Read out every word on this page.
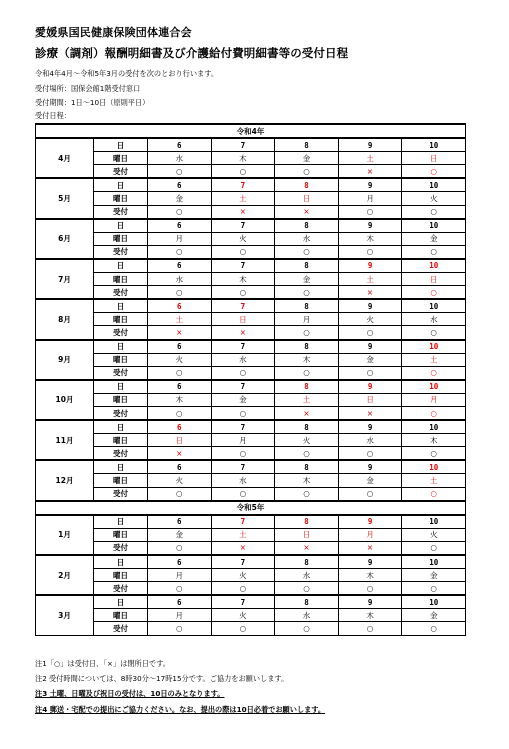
愛媛県国民健康保険団体連合会
診療（調剤）報酬明細書及び介護給付費明細書等の受付日程
令和4年4月～令和5年3月の受付を次のとおり行います。
受付場所：国保会館1階受付窓口
受付期間：1日～10日（原則平日）
受付日程：
令和4年						
4月	日	6	7	8	9	10
	曜日	水	木	金	土	日
	受付	○	○	○	×	○
5月	日	6	7	8	9	10
	曜日	金	土	日	月	火
	受付	○	×	×	○	○
6月	日	6	7	8	9	10
	曜日	月	火	水	木	金
	受付	○	○	○	○	○
7月	日	6	7	8	9	10
	曜日	水	木	金	土	日
	受付	○	○	○	×	○
8月	日	6	7	8	9	10
	曜日	土	日	月	火	水
	受付	×	×	○	○	○
9月	日	6	7	8	9	10
	曜日	火	水	木	金	土
	受付	○	○	○	○	○
10月	日	6	7	8	9	10
	曜日	木	金	土	日	月
	受付	○	○	×	×	○
11月	日	6	7	8	9	10
	曜日	日	月	火	水	木
	受付	×	○	○	○	○
12月	日	6	7	8	9	10
	曜日	火	水	木	金	土
	受付	○	○	○	○	○
令和5年						
1月	日	6	7	8	9	10
	曜日	金	土	日	月	火
	受付	○	×	×	×	○
2月	日	6	7	8	9	10
	曜日	月	火	水	木	金
	受付	○	○	○	○	○
3月	日	6	7	8	9	10
	曜日	月	火	水	木	金
	受付	○	○	○	○	○
注1「○」は受付日、「×」は閉所日です。
注2 受付時間については、8時30分～17時15分です。ご協力をお願いします。
注3 土曜、日曜及び祝日の受付は、10日のみとなります。
注4 郵送・宅配での提出にご協力ください。なお、提出の際は10日必着でお願いします。
